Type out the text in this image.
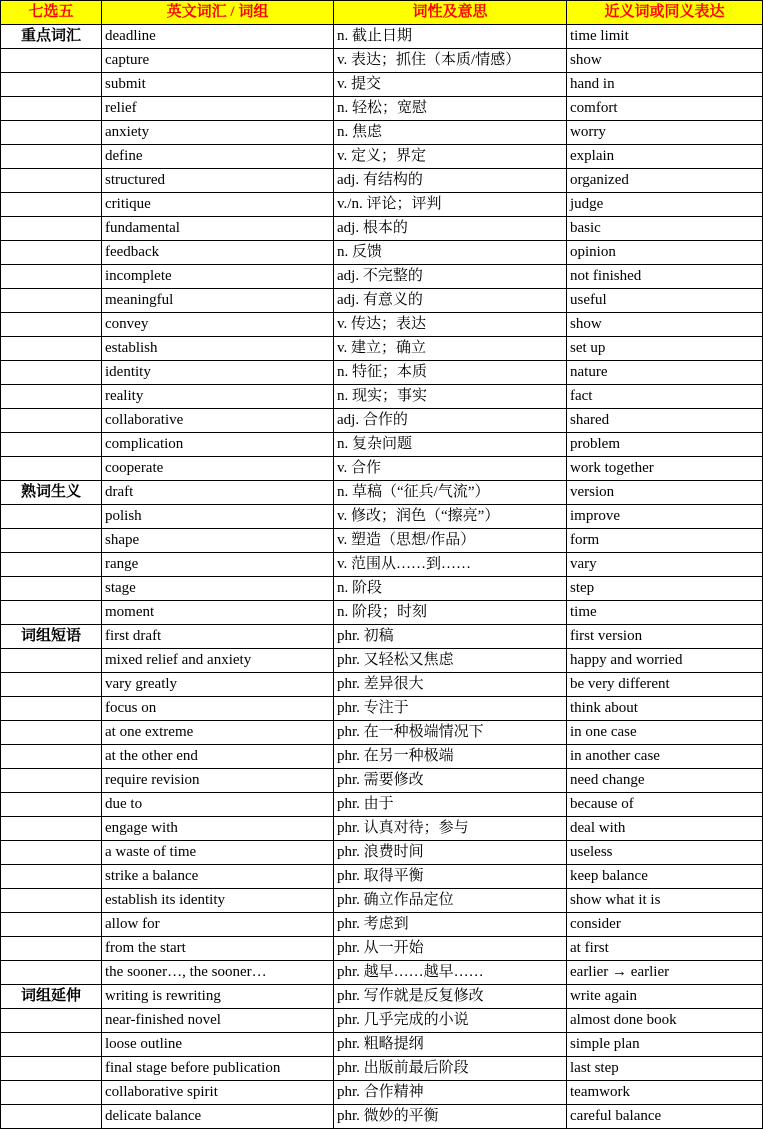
七选五	英文词汇 / 词组	词性及意思	近义词或同义表达
重点词汇	deadline	n. 截止日期	time limit
	capture	v. 表达；抓住（本质/情感）	show
	submit	v. 提交	hand in
	relief	n. 轻松；宽慰	comfort
	anxiety	n. 焦虑	worry
	define	v. 定义；界定	explain
	structured	adj. 有结构的	organized
	critique	v./n. 评论；评判	judge
	fundamental	adj. 根本的	basic
	feedback	n. 反馈	opinion
	incomplete	adj. 不完整的	not finished
	meaningful	adj. 有意义的	useful
	convey	v. 传达；表达	show
	establish	v. 建立；确立	set up
	identity	n. 特征；本质	nature
	reality	n. 现实；事实	fact
	collaborative	adj. 合作的	shared
	complication	n. 复杂问题	problem
	cooperate	v. 合作	work together
熟词生义	draft	n. 草稿（“征兵/气流”）	version
	polish	v. 修改；润色（“擦亮”）	improve
	shape	v. 塑造（思想/作品）	form
	range	v. 范围从……到……	vary
	stage	n. 阶段	step
	moment	n. 阶段；时刻	time
词组短语	first draft	phr. 初稿	first version
	mixed relief and anxiety	phr. 又轻松又焦虑	happy and worried
	vary greatly	phr. 差异很大	be very different
	focus on	phr. 专注于	think about
	at one extreme	phr. 在一种极端情况下	in one case
	at the other end	phr. 在另一种极端	in another case
	require revision	phr. 需要修改	need change
	due to	phr. 由于	because of
	engage with	phr. 认真对待；参与	deal with
	a waste of time	phr. 浪费时间	useless
	strike a balance	phr. 取得平衡	keep balance
	establish its identity	phr. 确立作品定位	show what it is
	allow for	phr. 考虑到	consider
	from the start	phr. 从一开始	at first
	the sooner…, the sooner…	phr. 越早……越早……	earlier → earlier
词组延伸	writing is rewriting	phr. 写作就是反复修改	write again
	near-finished novel	phr. 几乎完成的小说	almost done book
	loose outline	phr. 粗略提纲	simple plan
	final stage before publication	phr. 出版前最后阶段	last step
	collaborative spirit	phr. 合作精神	teamwork
	delicate balance	phr. 微妙的平衡	careful balance
